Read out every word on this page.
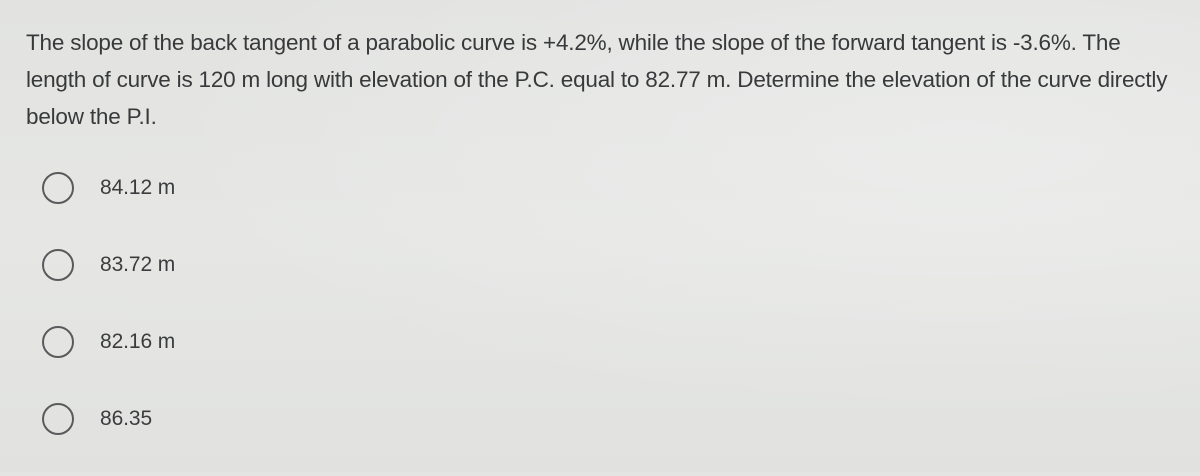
The slope of the back tangent of a parabolic curve is +4.2%, while the slope of the forward tangent is -3.6%. The length of curve is 120 m long with elevation of the P.C. equal to 82.77 m. Determine the elevation of the curve directly below the P.I.

84.12 m
83.72 m
82.16 m
86.35
